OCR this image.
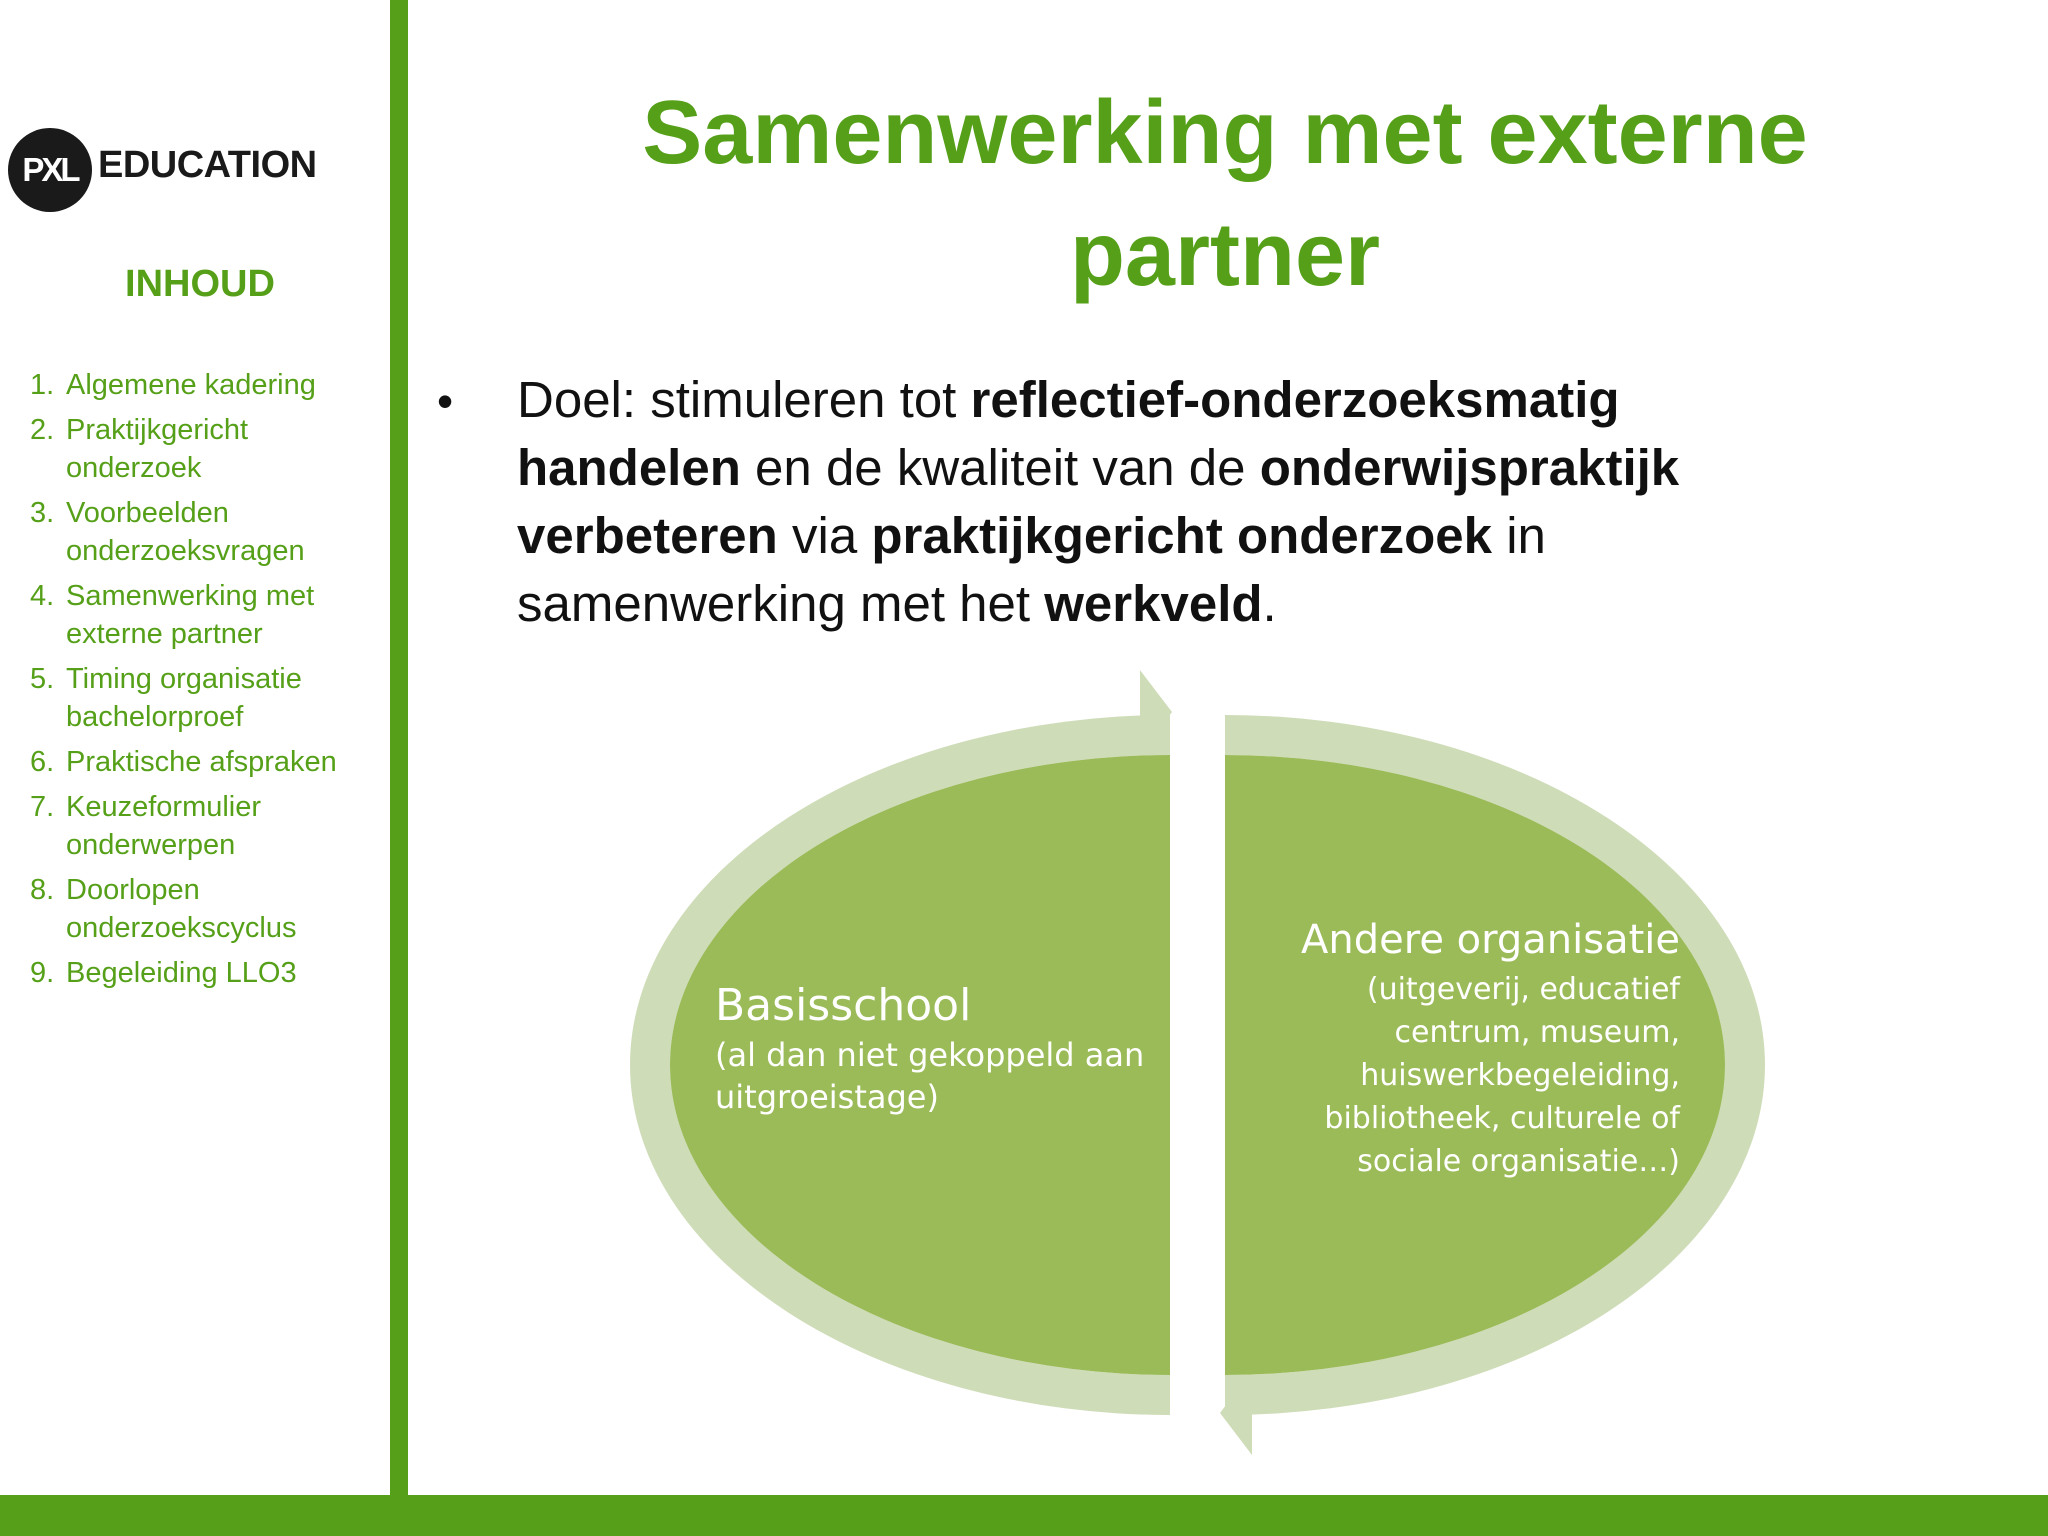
PXL EDUCATION
INHOUD
1. Algemene kadering
2. Praktijkgericht
onderzoek
3. Voorbeelden
onderzoeksvragen
4. Samenwerking met
externe partner
5. Timing organisatie
bachelorproef
6. Praktische afspraken
7. Keuzeformulier
onderwerpen
8. Doorlopen
onderzoekscyclus
9. Begeleiding LLO3
Samenwerking met externe
partner
• Doel: stimuleren tot reflectief-onderzoeksmatig handelen en de kwaliteit van de onderwijspraktijk verbeteren via praktijkgericht onderzoek in samenwerking met het werkveld.
Basisschool
(al dan niet gekoppeld aan
uitgroeistage)
Andere organisatie
(uitgeverij, educatief
centrum, museum,
huiswerkbegeleiding,
bibliotheek, culturele of
sociale organisatie…)
